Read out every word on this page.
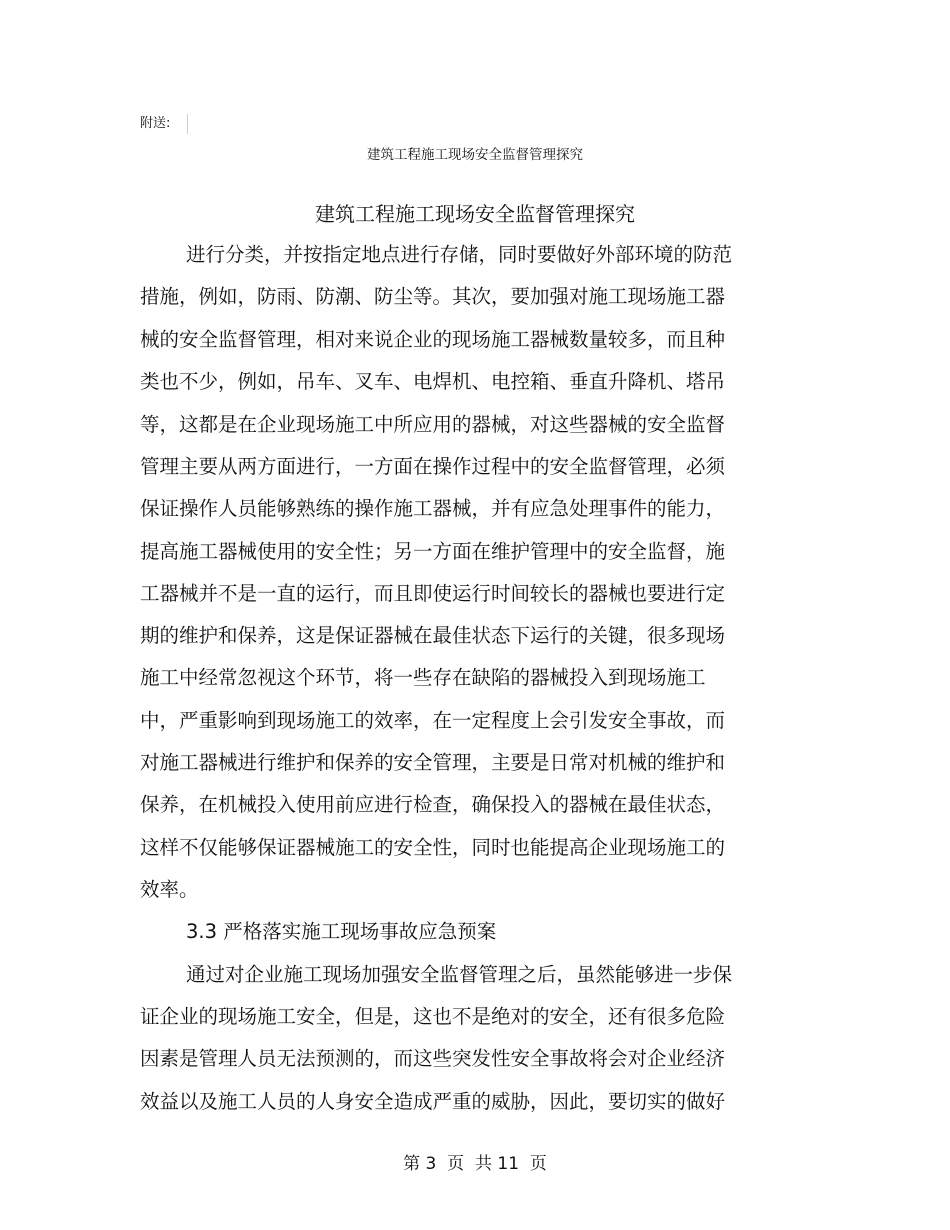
附送:
建筑工程施工现场安全监督管理探究
建筑工程施工现场安全监督管理探究
进行分类，并按指定地点进行存储，同时要做好外部环境的防范
措施，例如，防雨、防潮、防尘等。其次，要加强对施工现场施工器
械的安全监督管理，相对来说企业的现场施工器械数量较多，而且种
类也不少，例如，吊车、叉车、电焊机、电控箱、垂直升降机、塔吊
等，这都是在企业现场施工中所应用的器械，对这些器械的安全监督
管理主要从两方面进行，一方面在操作过程中的安全监督管理，必须
保证操作人员能够熟练的操作施工器械，并有应急处理事件的能力，
提高施工器械使用的安全性；另一方面在维护管理中的安全监督，施
工器械并不是一直的运行，而且即使运行时间较长的器械也要进行定
期的维护和保养，这是保证器械在最佳状态下运行的关键，很多现场
施工中经常忽视这个环节，将一些存在缺陷的器械投入到现场施工
中，严重影响到现场施工的效率，在一定程度上会引发安全事故，而
对施工器械进行维护和保养的安全管理，主要是日常对机械的维护和
保养，在机械投入使用前应进行检查，确保投入的器械在最佳状态，
这样不仅能够保证器械施工的安全性，同时也能提高企业现场施工的
效率。
3.3 严格落实施工现场事故应急预案
通过对企业施工现场加强安全监督管理之后，虽然能够进一步保
证企业的现场施工安全，但是，这也不是绝对的安全，还有很多危险
因素是管理人员无法预测的，而这些突发性安全事故将会对企业经济
效益以及施工人员的人身安全造成严重的威胁，因此，要切实的做好
第 3  页  共 11  页
